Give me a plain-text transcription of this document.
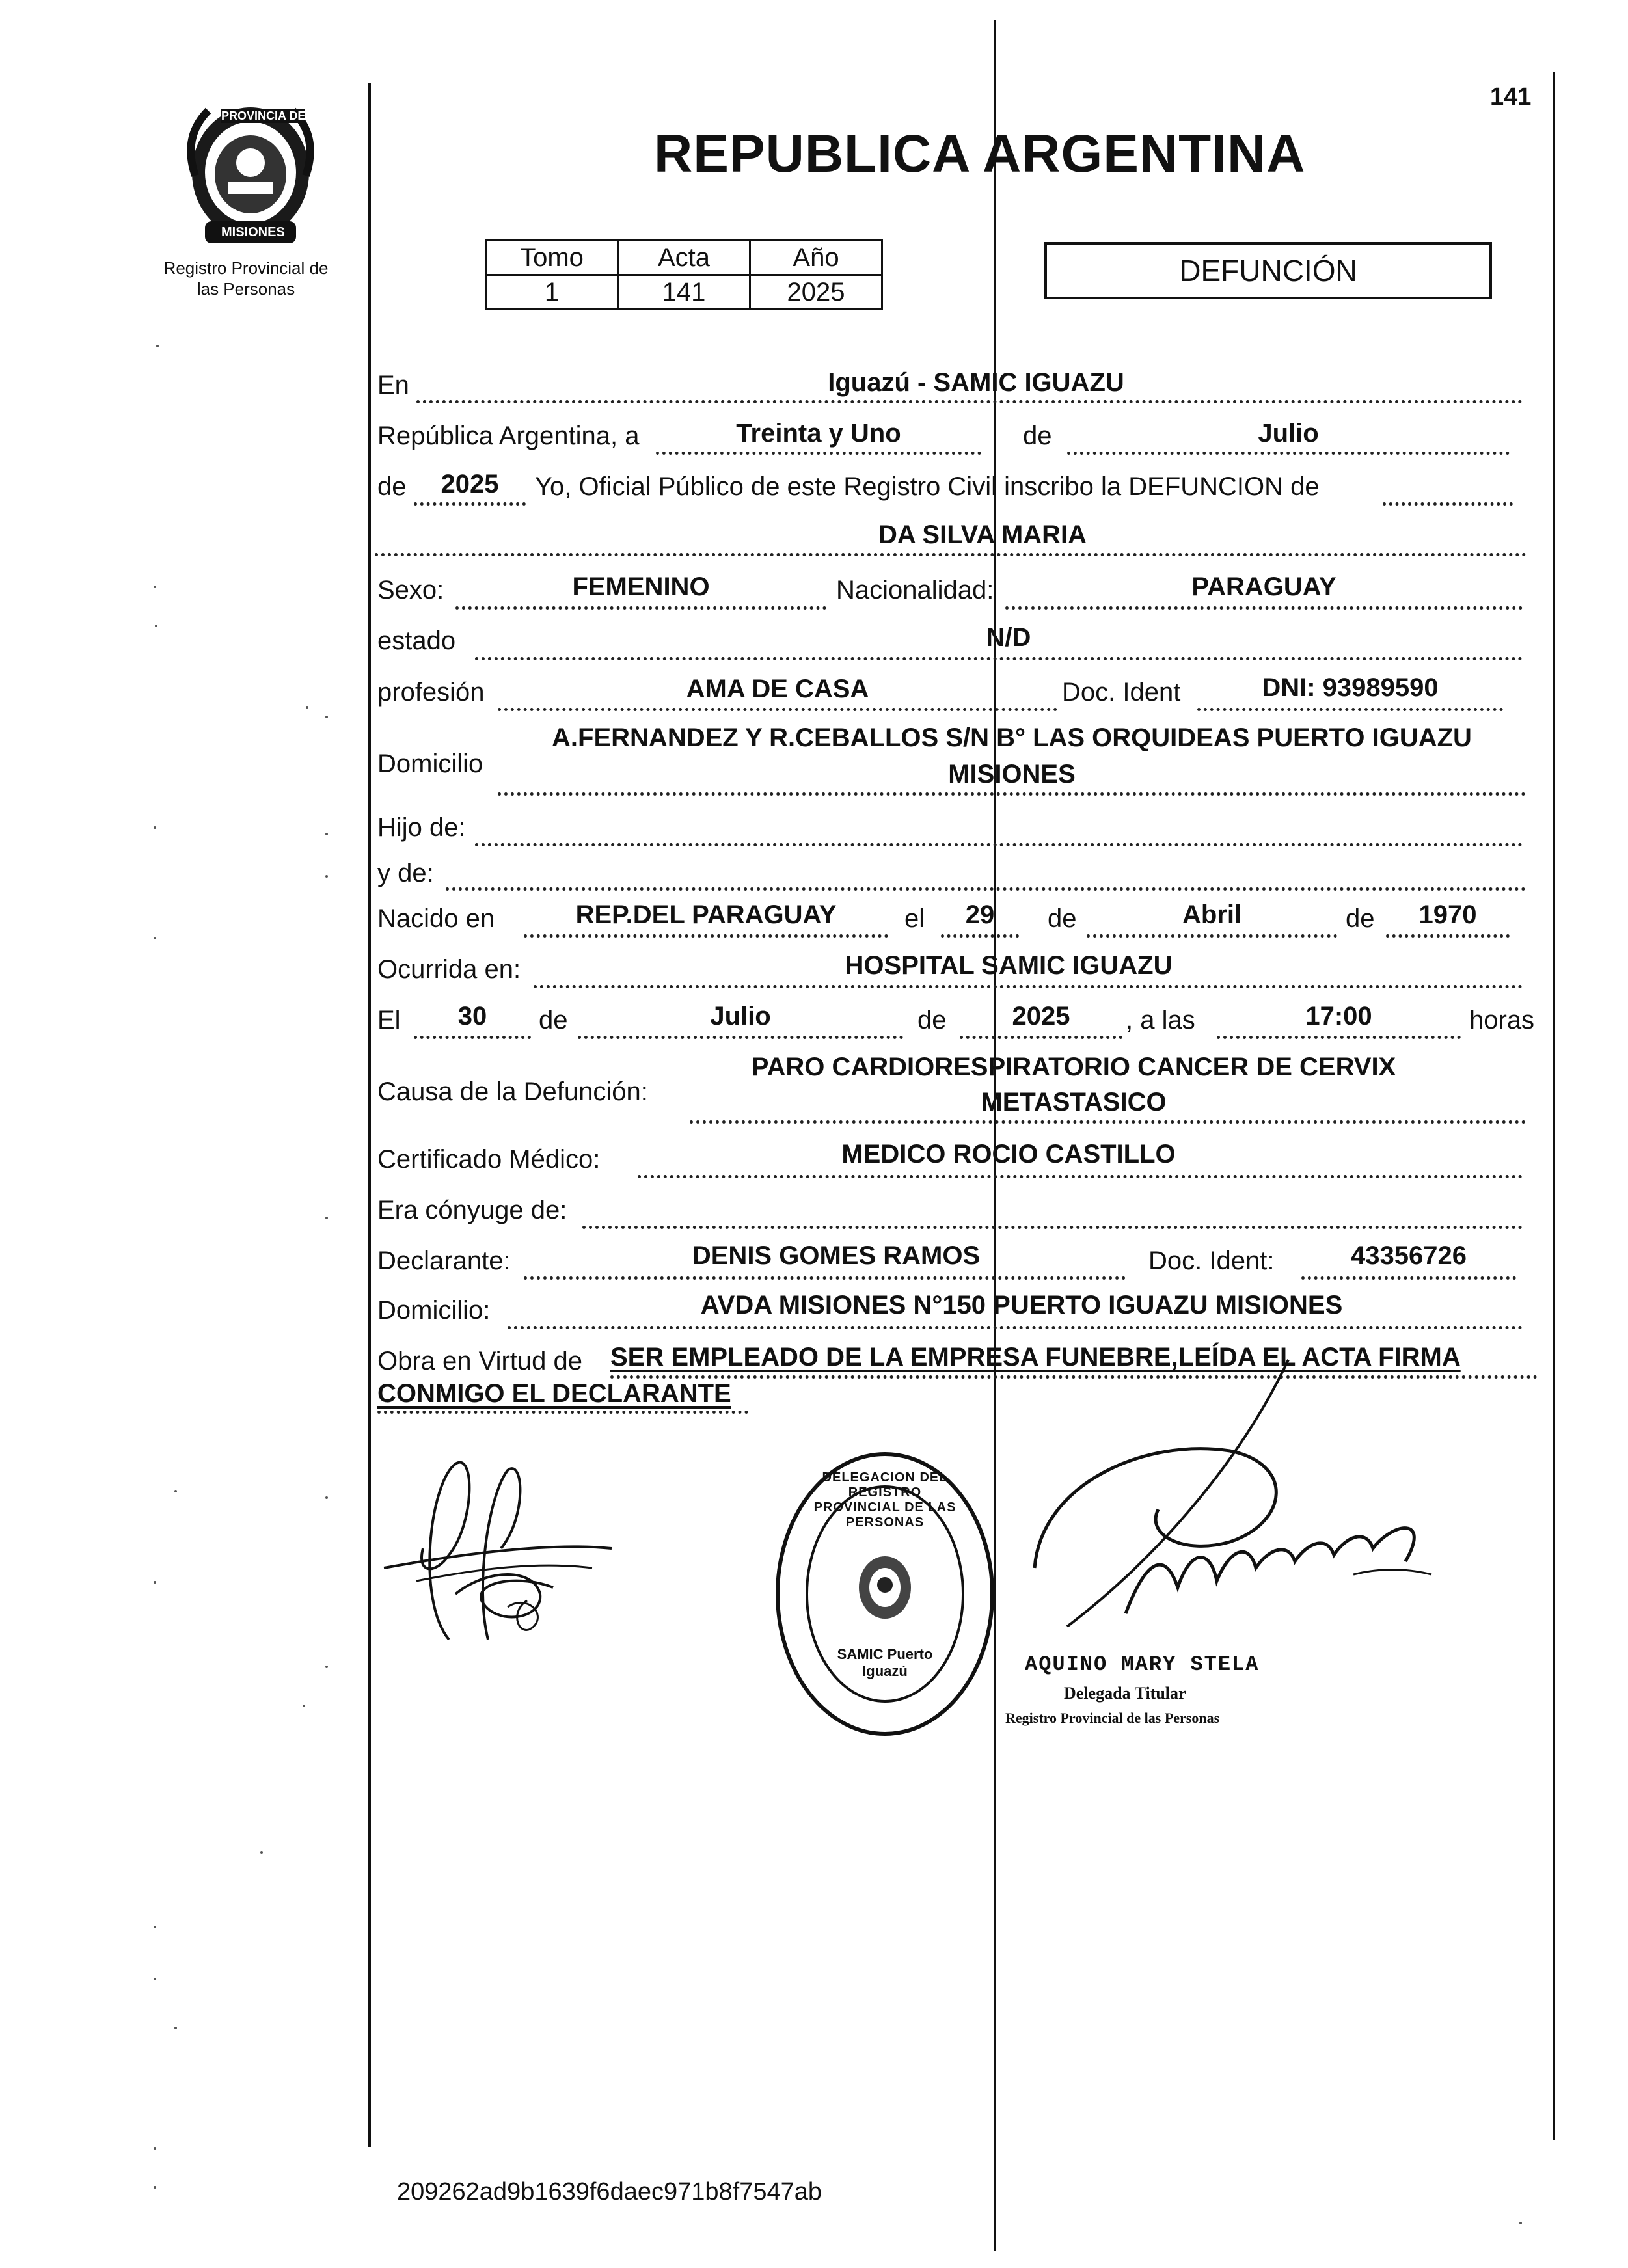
PROVINCIA DE
MISIONES
Registro Provincial de
las Personas
141
REPUBLICA ARGENTINA
Tomo	Acta	Año
1	141	2025
DEFUNCIÓN
En	Iguazú - SAMIC IGUAZU
República Argentina, a	Treinta y Uno	de	Julio
de	2025	Yo, Oficial Público de este Registro Civil inscribo la DEFUNCION de
DA SILVA MARIA
Sexo:	FEMENINO	Nacionalidad:	PARAGUAY
estado	N/D
profesión	AMA DE CASA	Doc. Ident	DNI: 93989590
Domicilio
A.FERNANDEZ Y R.CEBALLOS S/N B° LAS ORQUIDEAS PUERTO IGUAZU
MISIONES
Hijo de:
y de:
Nacido en	REP.DEL PARAGUAY	el	29	de	Abril	de	1970
Ocurrida en:	HOSPITAL SAMIC IGUAZU
El	30	de	Julio	de	2025	, a las	17:00	horas
Causa de la Defunción:
PARO CARDIORESPIRATORIO CANCER DE CERVIX
METASTASICO
Certificado Médico:	MEDICO ROCIO CASTILLO
Era cónyuge de:
Declarante:	DENIS GOMES RAMOS	Doc. Ident:	43356726
Domicilio:	AVDA MISIONES N°150 PUERTO IGUAZU MISIONES
Obra en Virtud de SER EMPLEADO DE LA EMPRESA FUNEBRE,LEÍDA EL ACTA FIRMA
CONMIGO EL DECLARANTE
DELEGACION DEL REGISTRO PROVINCIAL DE LAS PERSONAS
SAMIC Puerto Iguazú	AQUINO MARY STELA
Delegada Titular
Registro Provincial de las Personas
209262ad9b1639f6daec971b8f7547ab
